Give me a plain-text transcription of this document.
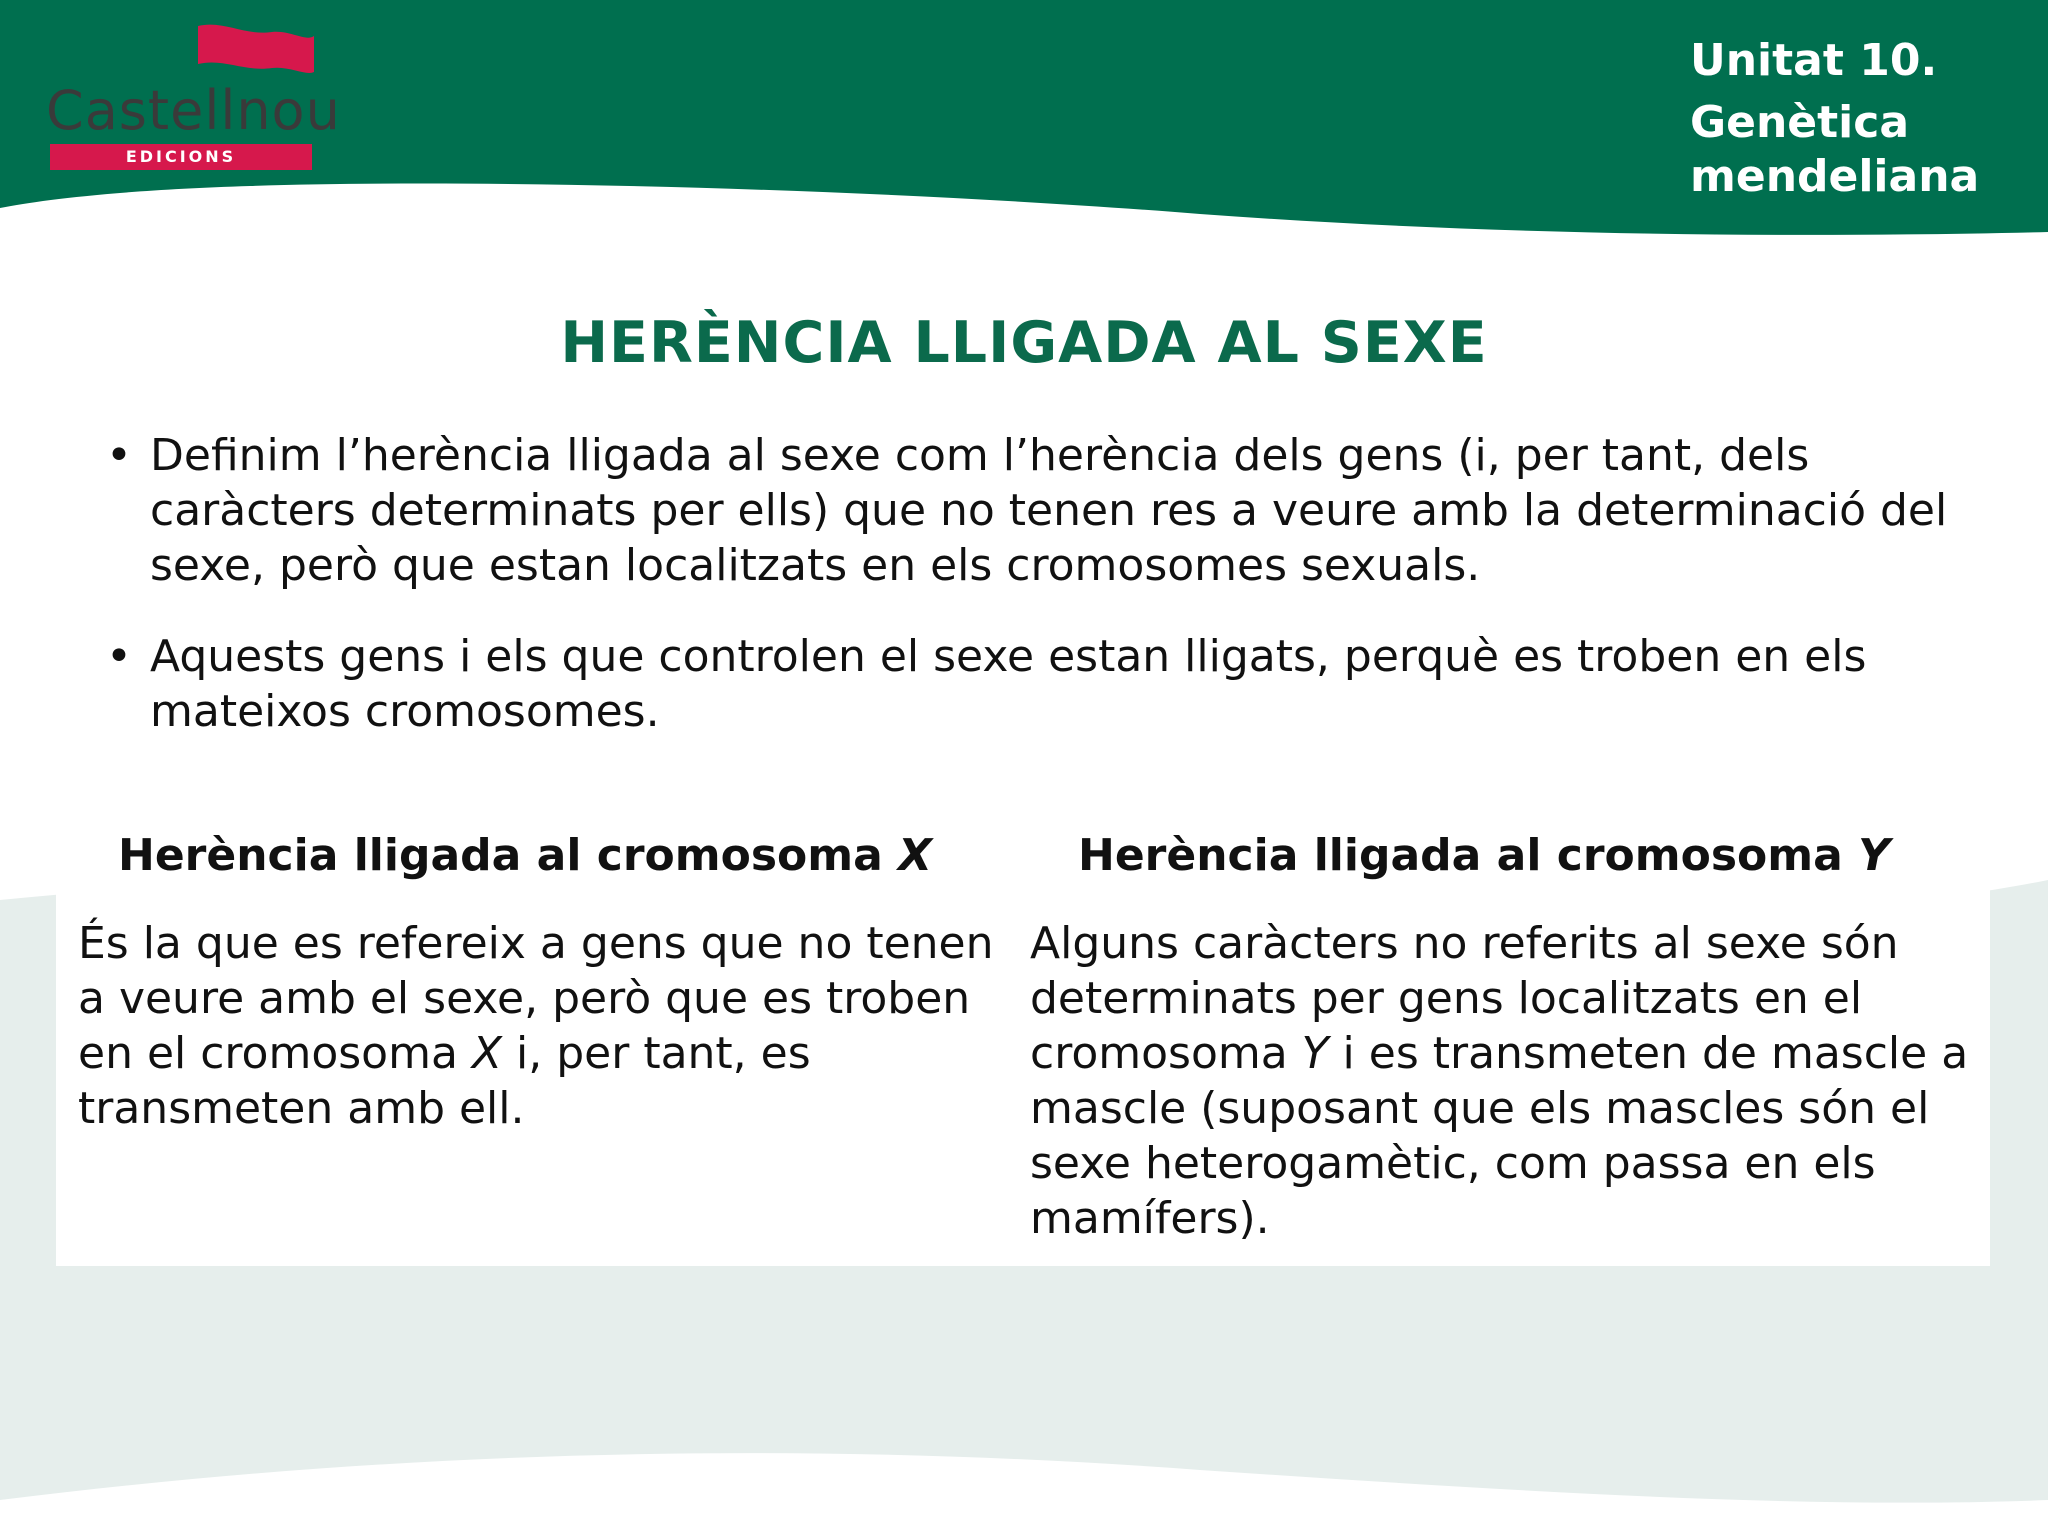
Castellnou
EDICIONS
Unitat 10.
Genètica mendeliana
HERÈNCIA LLIGADA AL SEXE
• Definim l’herència lligada al sexe com l’herència dels gens (i, per tant, dels caràcters determinats per ells) que no tenen res a veure amb la determinació del sexe, però que estan localitzats en els cromosomes sexuals.
• Aquests gens i els que controlen el sexe estan lligats, perquè es troben en els mateixos cromosomes.
Herència lligada al cromosoma X	Herència lligada al cromosoma Y
És la que es refereix a gens que no tenen a veure amb el sexe, però que es troben en el cromosoma X i, per tant, es transmeten amb ell.
Alguns caràcters no referits al sexe són determinats per gens localitzats en el cromosoma Y i es transmeten de mascle a mascle (suposant que els mascles són el sexe heterogamètic, com passa en els mamífers).
